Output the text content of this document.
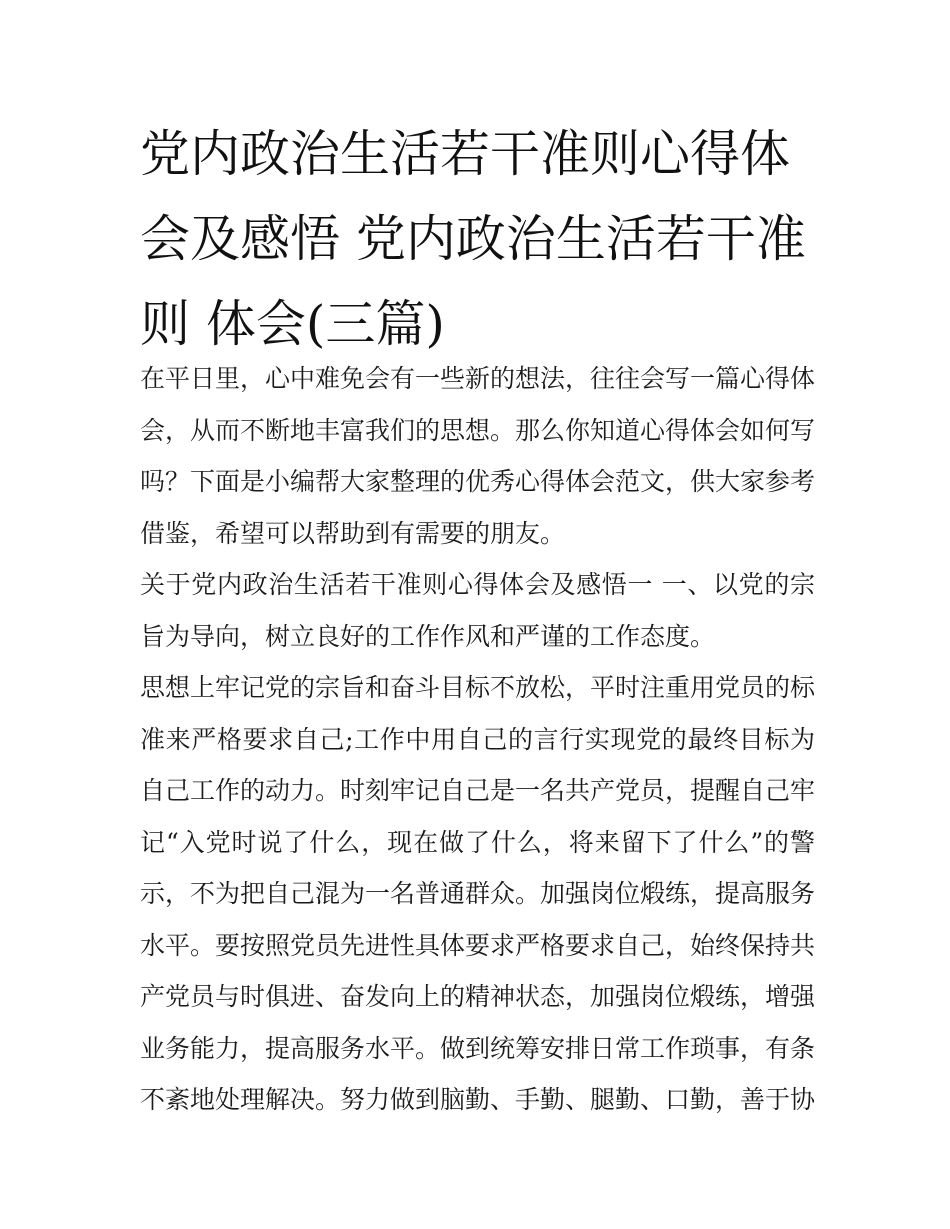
党内政治生活若干准则心得体会及感悟 党内政治生活若干准则 体会(三篇)

在平日里，心中难免会有一些新的想法，往往会写一篇心得体会，从而不断地丰富我们的思想。那么你知道心得体会如何写吗？下面是小编帮大家整理的优秀心得体会范文，供大家参考借鉴，希望可以帮助到有需要的朋友。

关于党内政治生活若干准则心得体会及感悟一 一、以党的宗旨为导向，树立良好的工作作风和严谨的工作态度。

思想上牢记党的宗旨和奋斗目标不放松，平时注重用党员的标准来严格要求自己;工作中用自己的言行实现党的最终目标为自己工作的动力。时刻牢记自己是一名共产党员，提醒自己牢记“入党时说了什么，现在做了什么，将来留下了什么”的警示，不为把自己混为一名普通群众。加强岗位煅练，提高服务水平。要按照党员先进性具体要求严格要求自己，始终保持共产党员与时俱进、奋发向上的精神状态，加强岗位煅练，增强业务能力，提高服务水平。做到统筹安排日常工作琐事，有条不紊地处理解决。努力做到脑勤、手勤、腿勤、口勤，善于协
